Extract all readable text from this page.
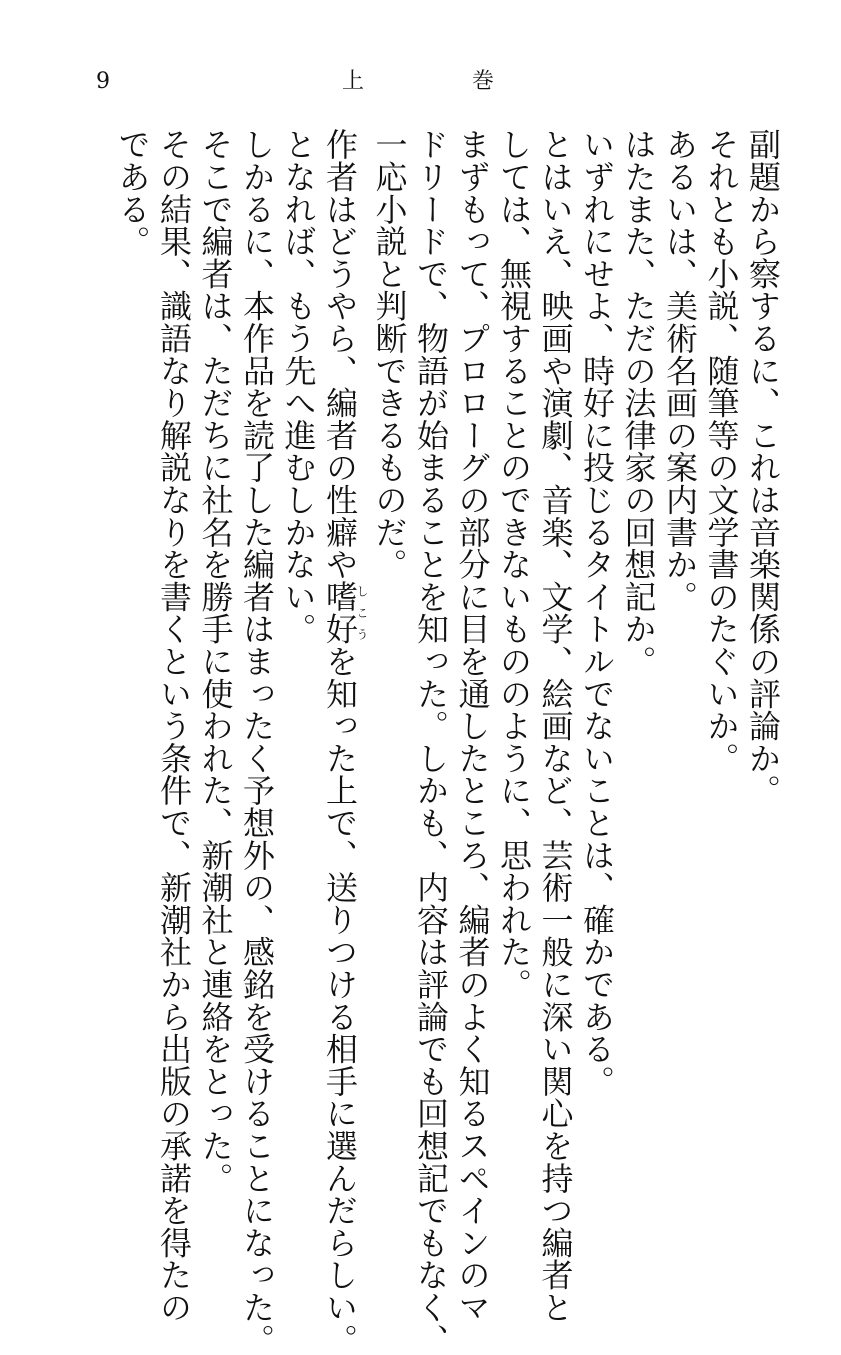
9	上	巻
副題から察するに、これは音楽関係の評論か。
それとも小説、随筆等の文学書のたぐいか。
あるいは、美術名画の案内書か。
はたまた、ただの法律家の回想記か。
いずれにせよ、時好に投じるタイトルでないことは、確かである。
とはいえ、映画や演劇、音楽、文学、絵画など、芸術一般に深い関心を持つ編者と
しては、無視することのできないもののように、思われた。
まずもって、プロローグの部分に目を通したところ、編者のよく知るスペインのマ
ドリードで、物語が始まることを知った。しかも、内容は評論でも回想記でもなく、
一応小説と判断できるものだ。
作者はどうやら、編者の性癖や嗜好しこうを知った上で、送りつける相手に選んだらしい。
となれば、もう先へ進むしかない。
しかるに、本作品を読了した編者はまったく予想外の、感銘を受けることになった。
そこで編者は、ただちに社名を勝手に使われた、新潮社と連絡をとった。
その結果、識語なり解説なりを書くという条件で、新潮社から出版の承諾を得たの
である。
